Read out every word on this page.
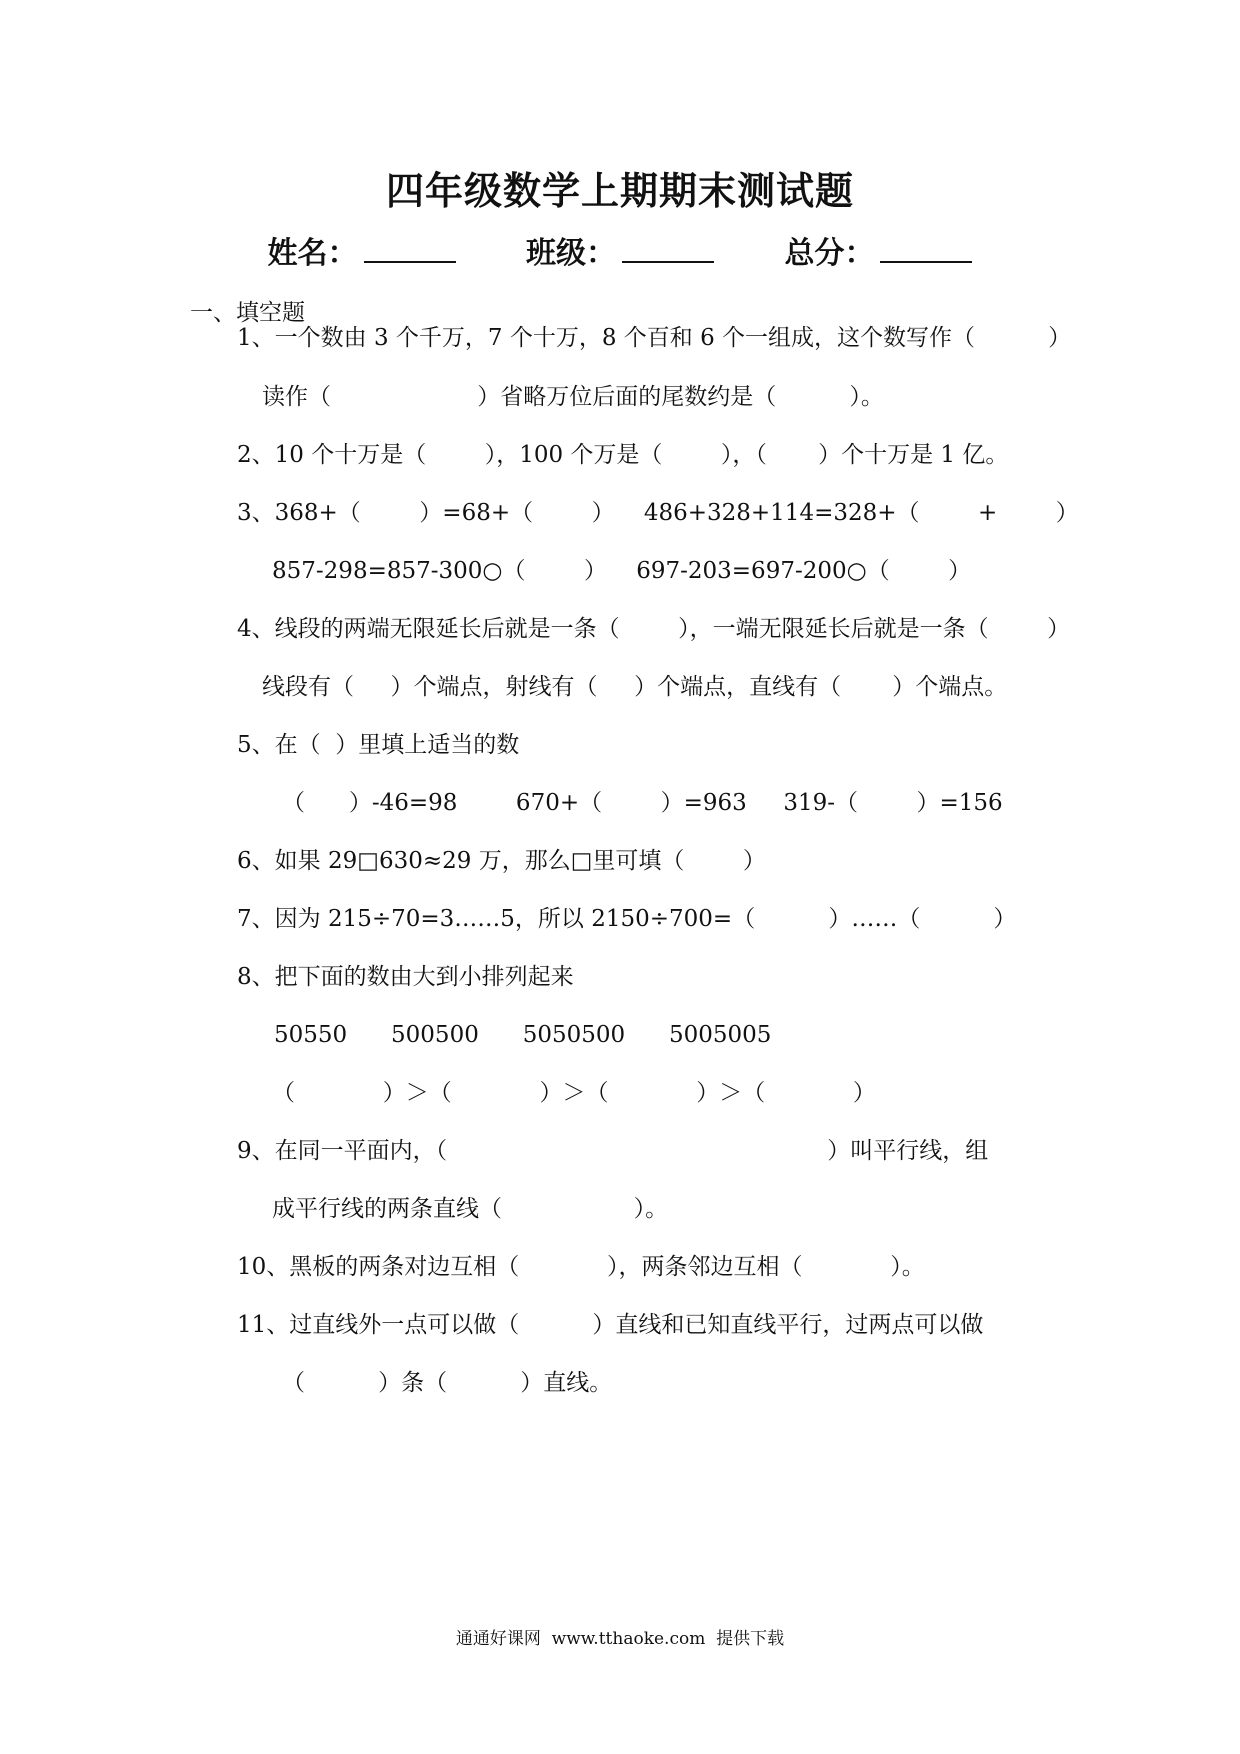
四年级数学上期期末测试题
姓名：	班级：	总分：
一、填空题
1、一个数由 3 个千万，7 个十万，8 个百和 6 个一组成，这个数写作（          ）
读作（                    ）省略万位后面的尾数约是（          ）。
2、10 个十万是（        ），100 个万是（        ），（       ）个十万是 1 亿。
3、368+（        ）=68+（        ）    486+328+114=328+（        +        ）
857-298=857-300○（        ）    697-203=697-200○（        ）
4、线段的两端无限延长后就是一条（        ），一端无限延长后就是一条（        ）
线段有（     ）个端点，射线有（     ）个端点，直线有（       ）个端点。
5、在（  ）里填上适当的数
（      ）-46=98        670+（        ）=963     319-（        ）=156
6、如果 29□630≈29 万，那么□里可填（        ）
7、因为 215÷70=3……5，所以 2150÷700=（          ）……（          ）
8、把下面的数由大到小排列起来
50550      500500      5050500      5005005
（            ）＞（            ）＞（            ）＞（            ）
9、在同一平面内，（                                                    ）叫平行线，组
成平行线的两条直线（                  ）。
10、黑板的两条对边互相（            ），两条邻边互相（            ）。
11、过直线外一点可以做（          ）直线和已知直线平行，过两点可以做
（          ）条（          ）直线。
通通好课网  www.tthaoke.com  提供下载
